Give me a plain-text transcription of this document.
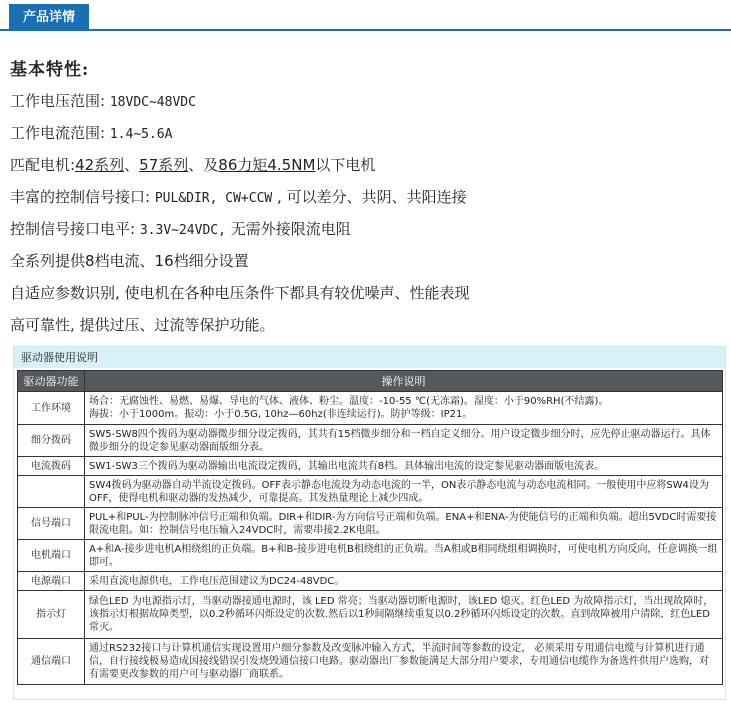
产品详情
基本特性:
工作电压范围: 18VDC~48VDC
工作电流范围: 1.4~5.6A
匹配电机:42系列、57系列、及86力矩4.5NM以下电机
丰富的控制信号接口: PUL&DIR, CW+CCW , 可以差分、共阴、共阳连接
控制信号接口电平: 3.3V~24VDC, 无需外接限流电阻
全系列提供8档电流、16档细分设置
自适应参数识别, 使电机在各种电压条件下都具有较优噪声、性能表现
高可靠性, 提供过压、过流等保护功能。
驱动器使用说明
驱动器功能	操作说明
工作环境	场合：无腐蚀性、易燃、易爆、导电的气体、液体、粉尘。温度：-10-55 ℃(无冻霜)。湿度：小于90%RH(不结露)。
海拔：小于1000m。振动：小于0.5G, 10hz—60hz(非连续运行)。防护等级：IP21。
细分拨码	SW5-SW8四个拨码为驱动器微步细分设定拨码，其共有15档微步细分和一档自定义细分。用户设定微步细分时，应先停止驱动器运行。具体微步细分的设定参见驱动器面版细分表。
电流拨码	SW1-SW3三个拨码为驱动器输出电流设定拨码，其输出电流共有8档。具体输出电流的设定参见驱动器面版电流表。
	SW4拨码为驱动器自动半流设定拨码。OFF表示静态电流设为动态电流的一半，ON表示静态电流与动态电流相同。一般使用中应将SW4设为OFF，使得电机和驱动器的发热减少，可靠提高。其发热量理论上减少四成。
信号端口	PUL+和PUL-为控制脉冲信号正端和负端。DIR+和DIR-为方向信号正端和负端。ENA+和ENA-为使能信号的正端和负端。超出5VDC时需要接限流电阻。如：控制信号电压输入24VDC时，需要串接2.2K电阻。
电机端口	A+和A-接步进电机A相绕组的正负端。B+和B-接步进电机B相绕组的正负端。当A相或B相同绕组相调换时，可使电机方向反向，任意调换一组即可。
电源端口	采用直流电源供电，工作电压范围建议为DC24-48VDC。
指示灯	绿色LED 为电源指示灯，当驱动器接通电源时，该 LED 常亮；当驱动器切断电源时，该LED 熄灭。红色LED 为故障指示灯，当出现故障时，该指示灯根据故障类型，以0.2秒循环闪烁设定的次数.然后以1秒间隔继续重复以0.2秒循环闪烁设定的次数。直到故障被用户清除，红色LED常灭。
通信端口	通过RS232接口与计算机通信实现设置用户细分参数及改变脉冲输入方式，半流时间等参数的设定， 必须采用专用通信电缆与计算机进行通信，自行接线极易造成因接线错误引发烧毁通信接口电路。驱动器出厂参数能满足大部分用户要求，专用通信电缆作为备选件供用户选购，对有需要更改参数的用户可与驱动器厂商联系。
